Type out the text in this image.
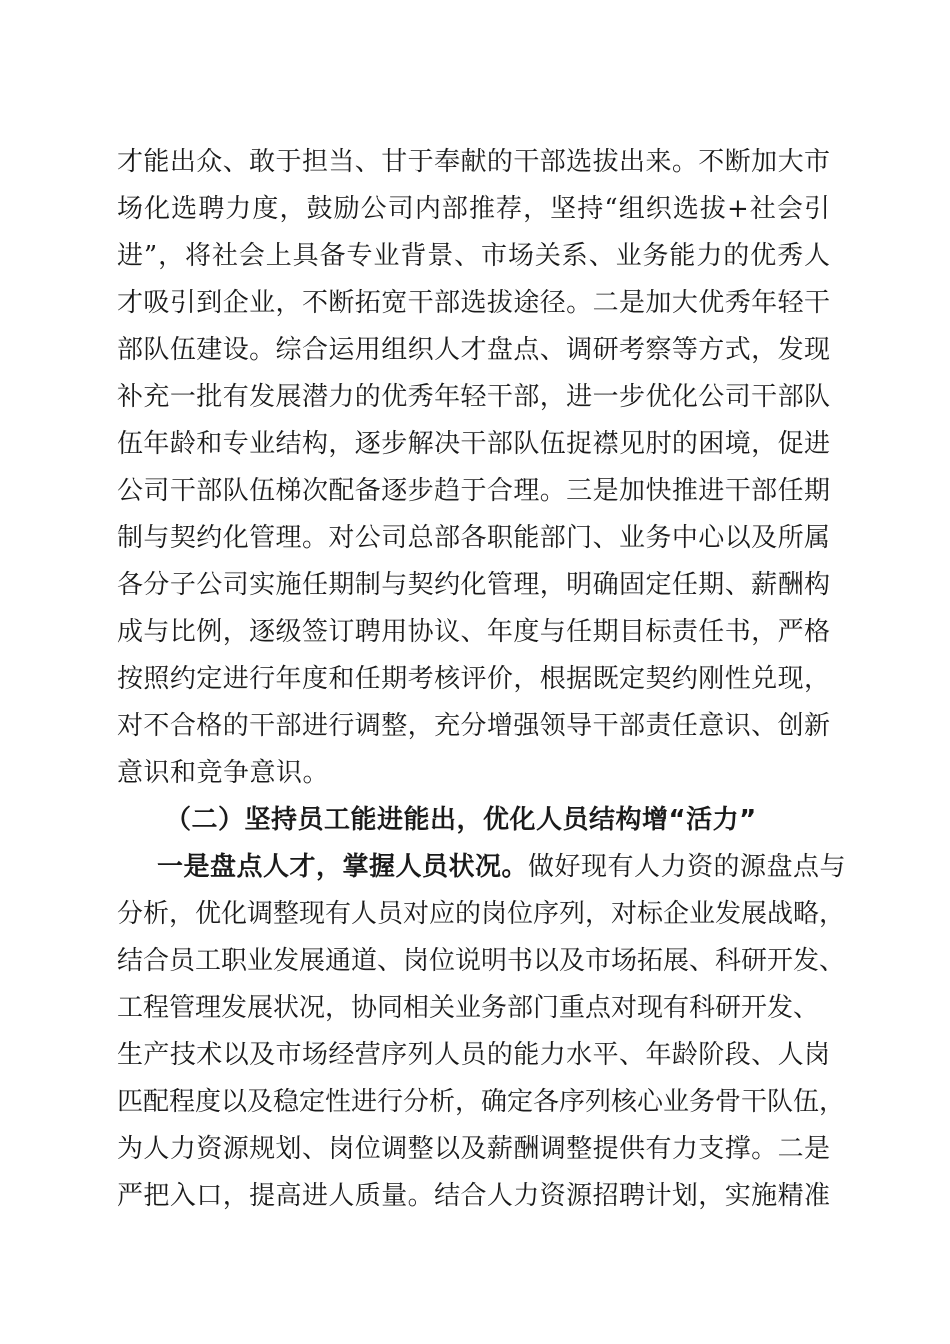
才能出众、敢于担当、甘于奉献的干部选拔出来。不断加大市
场化选聘力度，鼓励公司内部推荐，坚持“组织选拔+社会引
进”，将社会上具备专业背景、市场关系、业务能力的优秀人
才吸引到企业，不断拓宽干部选拔途径。二是加大优秀年轻干
部队伍建设。综合运用组织人才盘点、调研考察等方式，发现
补充一批有发展潜力的优秀年轻干部，进一步优化公司干部队
伍年龄和专业结构，逐步解决干部队伍捉襟见肘的困境，促进
公司干部队伍梯次配备逐步趋于合理。三是加快推进干部任期
制与契约化管理。对公司总部各职能部门、业务中心以及所属
各分子公司实施任期制与契约化管理，明确固定任期、薪酬构
成与比例，逐级签订聘用协议、年度与任期目标责任书，严格
按照约定进行年度和任期考核评价，根据既定契约刚性兑现，
对不合格的干部进行调整，充分增强领导干部责任意识、创新
意识和竞争意识。
（二）坚持员工能进能出，优化人员结构增“活力”
一是盘点人才，掌握人员状况。做好现有人力资的源盘点与
分析，优化调整现有人员对应的岗位序列，对标企业发展战略，
结合员工职业发展通道、岗位说明书以及市场拓展、科研开发、
工程管理发展状况，协同相关业务部门重点对现有科研开发、
生产技术以及市场经营序列人员的能力水平、年龄阶段、人岗
匹配程度以及稳定性进行分析，确定各序列核心业务骨干队伍，
为人力资源规划、岗位调整以及薪酬调整提供有力支撑。二是
严把入口，提高进人质量。结合人力资源招聘计划，实施精准
